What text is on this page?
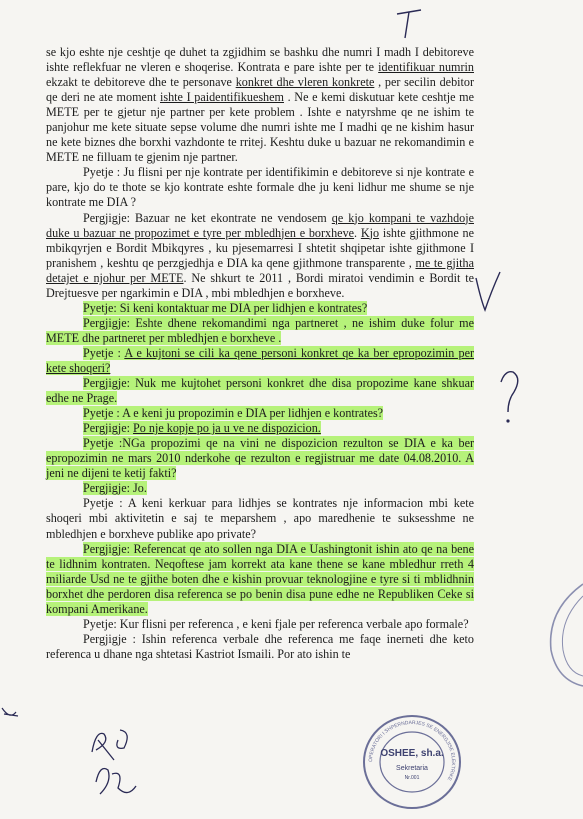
se kjo eshte nje ceshtje qe duhet ta zgjidhim se bashku dhe numri I madh I debitoreve ishte reflekfuar ne vleren e shoqerise. Kontrata e pare ishte per te identifikuar numrin ekzakt te debitoreve dhe te personave konkret dhe vleren konkrete , per secilin debitor qe deri ne ate moment ishte I paidentifikueshem . Ne e kemi diskutuar kete ceshtje me METE per te gjetur nje partner per kete problem . Ishte e natyrshme qe ne ishim te panjohur me kete situate sepse volume dhe numri ishte me I madhi qe ne kishim hasur ne kete biznes dhe borxhi vazhdonte te rritej. Keshtu duke u bazuar ne rekomandimin e METE ne filluam te gjenim nje partner.

Pyetje : Ju flisni per nje kontrate per identifikimin e debitoreve si nje kontrate e pare, kjo do te thote se kjo kontrate eshte formale dhe ju keni lidhur me shume se nje kontrate me DIA ?

Pergjigje: Bazuar ne ket ekontrate ne vendosem qe kjo kompani te vazhdoje duke u bazuar ne propozimet e tyre per mbledhjen e borxheve. Kjo ishte gjithmone ne mbikqyrjen e Bordit Mbikqyres , ku pjesemarresi I shtetit shqipetar ishte gjithmone I pranishem , keshtu qe perzgjedhja e DIA ka qene gjithmone transparente , me te gjitha detajet e njohur per METE. Ne shkurt te 2011 , Bordi miratoi vendimin e Bordit te Drejtuesve per ngarkimin e DIA , mbi mbledhjen e borxheve.

Pyetje: Si keni kontaktuar me DIA per lidhjen e kontrates?

Pergjigje: Eshte dhene rekomandimi nga partneret , ne ishim duke folur me METE dhe partneret per mbledhjen e borxheve .

Pyetje : A e kujtoni se cili ka qene personi konkret qe ka ber epropozimin per kete shoqeri?

Pergjigje: Nuk me kujtohet personi konkret dhe disa propozime kane shkuar edhe ne Prage.

Pyetje : A e keni ju propozimin e DIA per lidhjen e kontrates?

Pergjigje: Po nje kopje po ja u ve ne dispozicion.

Pyetje :NGa propozimi qe na vini ne dispozicion rezulton se DIA e ka ber epropozimin ne mars 2010 nderkohe qe rezulton e regjistruar me date 04.08.2010. A jeni ne dijeni te ketij fakti?

Pergjigje: Jo.

Pyetje : A keni kerkuar para lidhjes se kontrates nje informacion mbi kete shoqeri mbi aktivitetin e saj te meparshem , apo maredhenie te suksesshme ne mbledhjen e borxheve publike apo private?

Pergjigje: Referencat qe ato sollen nga DIA e Uashingtonit ishin ato qe na bene te lidhnim kontraten. Neqoftese jam korrekt ata kane thene se kane mbledhur rreth 4 miliarde Usd ne te gjithe boten dhe e kishin provuar teknologjine e tyre si ti mblidhnin borxhet dhe perdoren disa referenca se po benin disa pune edhe ne Republiken Ceke si kompani Amerikane.

Pyetje: Kur flisni per referenca , e keni fjale per referenca verbale apo formale?

Pergjigje : Ishin referenca verbale dhe referenca me faqe inerneti dhe keto referenca u dhane nga shtetasi Kastriot Ismaili. Por ato ishin te

OPERATORI I SHPERNDARJES SE ENERGJISE ELEKTRIKE
OSHEE, sh.a.
Sekretaria
Nr.001
